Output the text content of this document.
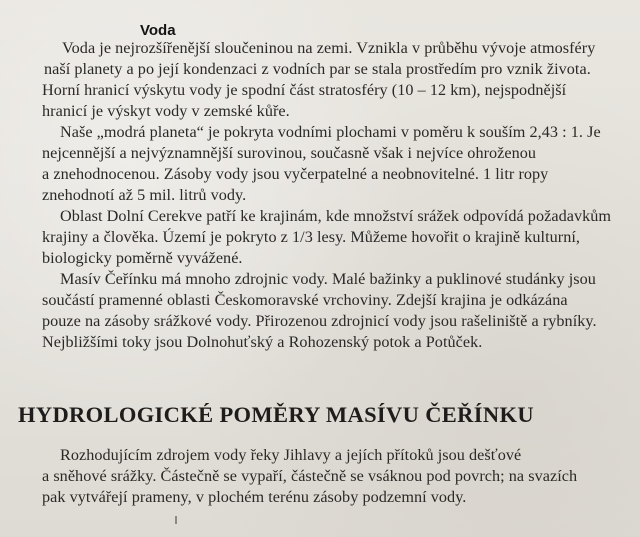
Voda
Voda je nejrozšířenější sloučeninou na zemi. Vznikla v průběhu vývoje atmosféry
naší planety a po její kondenzaci z vodních par se stala prostředím pro vznik života.
Horní hranicí výskytu vody je spodní část stratosféry (10 – 12 km), nejspodnější
hranicí je výskyt vody v zemské kůře.
Naše „modrá planeta“ je pokryta vodními plochami v poměru k souším 2,43 : 1. Je
nejcennější a nejvýznamnější surovinou, současně však i nejvíce ohroženou
a znehodnocenou. Zásoby vody jsou vyčerpatelné a neobnovitelné. 1 litr ropy
znehodnotí až 5 mil. litrů vody.
Oblast Dolní Cerekve patří ke krajinám, kde množství srážek odpovídá požadavkům
krajiny a člověka. Území je pokryto z 1/3 lesy. Můžeme hovořit o krajině kulturní,
biologicky poměrně vyvážené.
Masív Čeřínku má mnoho zdrojnic vody. Malé bažinky a puklinové studánky jsou
součástí pramenné oblasti Českomoravské vrchoviny. Zdejší krajina je odkázána
pouze na zásoby srážkové vody. Přirozenou zdrojnicí vody jsou rašeliniště a rybníky.
Nejbližšími toky jsou Dolnohuťský a Rohozenský potok a Potůček.
HYDROLOGICKÉ POMĚRY MASÍVU ČEŘÍNKU
Rozhodujícím zdrojem vody řeky Jihlavy a jejích přítoků jsou dešťové
a sněhové srážky. Částečně se vypaří, částečně se vsáknou pod povrch; na svazích
pak vytvářejí prameny, v plochém terénu zásoby podzemní vody.
